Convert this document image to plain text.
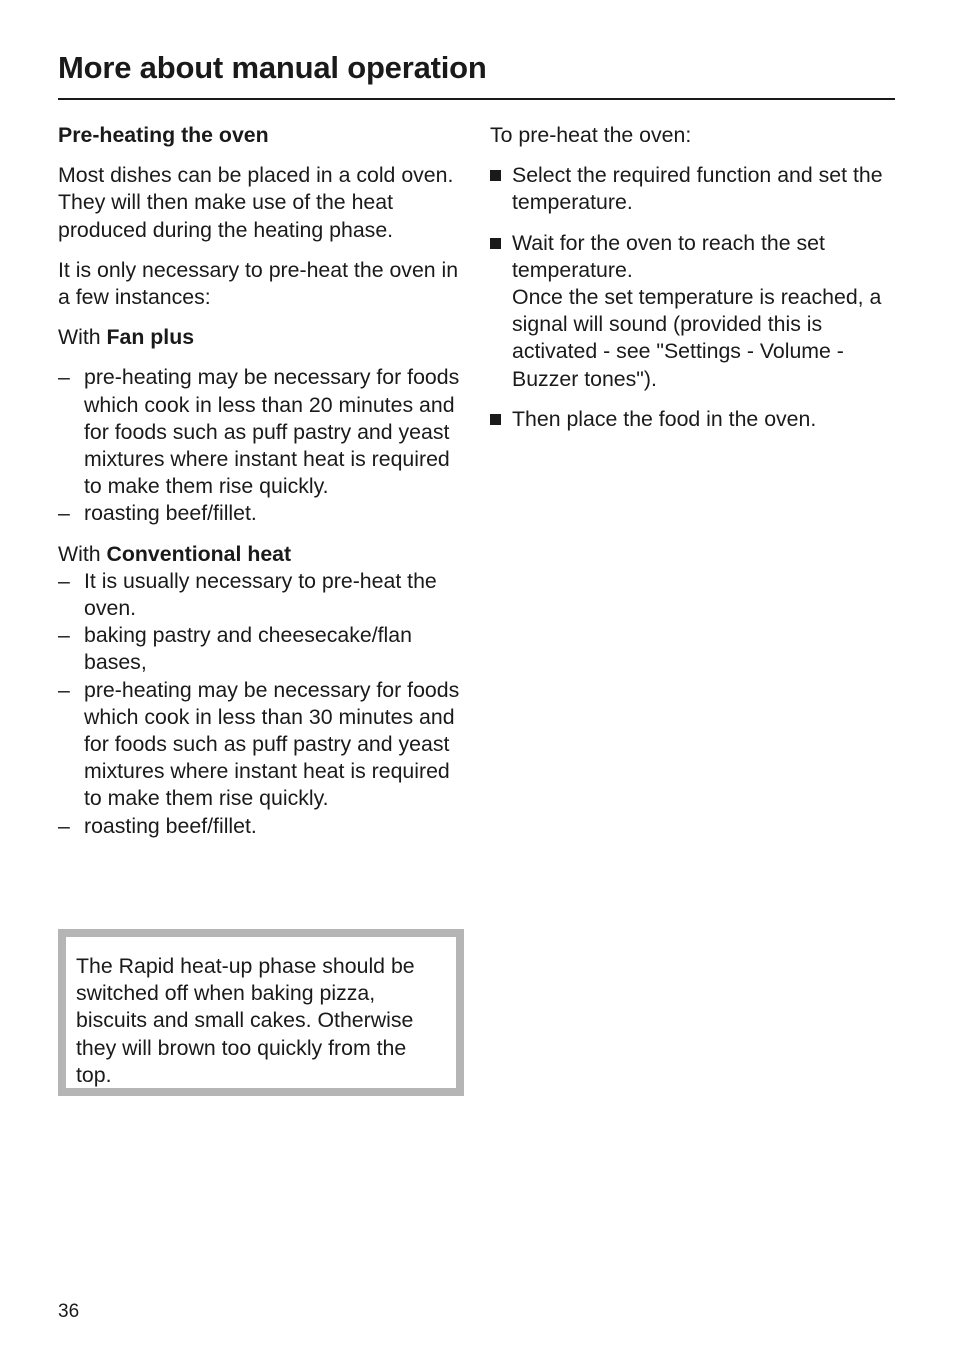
More about manual operation

Pre-heating the oven

Most dishes can be placed in a cold oven. They will then make use of the heat produced during the heating phase.

It is only necessary to pre-heat the oven in a few instances:

With Fan plus

– pre-heating may be necessary for foods which cook in less than 20 minutes and for foods such as puff pastry and yeast mixtures where instant heat is required to make them rise quickly.
– roasting beef/fillet.

With Conventional heat

– It is usually necessary to pre-heat the oven.
– baking pastry and cheesecake/flan bases,
– pre-heating may be necessary for foods which cook in less than 30 minutes and for foods such as puff pastry and yeast mixtures where instant heat is required to make them rise quickly.
– roasting beef/fillet.
The Rapid heat-up phase should be switched off when baking pizza, biscuits and small cakes. Otherwise they will brown too quickly from the top.

To pre-heat the oven:

Select the required function and set the temperature.
Wait for the oven to reach the set temperature.
Once the set temperature is reached, a signal will sound (provided this is activated - see "Settings - Volume - Buzzer tones").
Then place the food in the oven.
36
